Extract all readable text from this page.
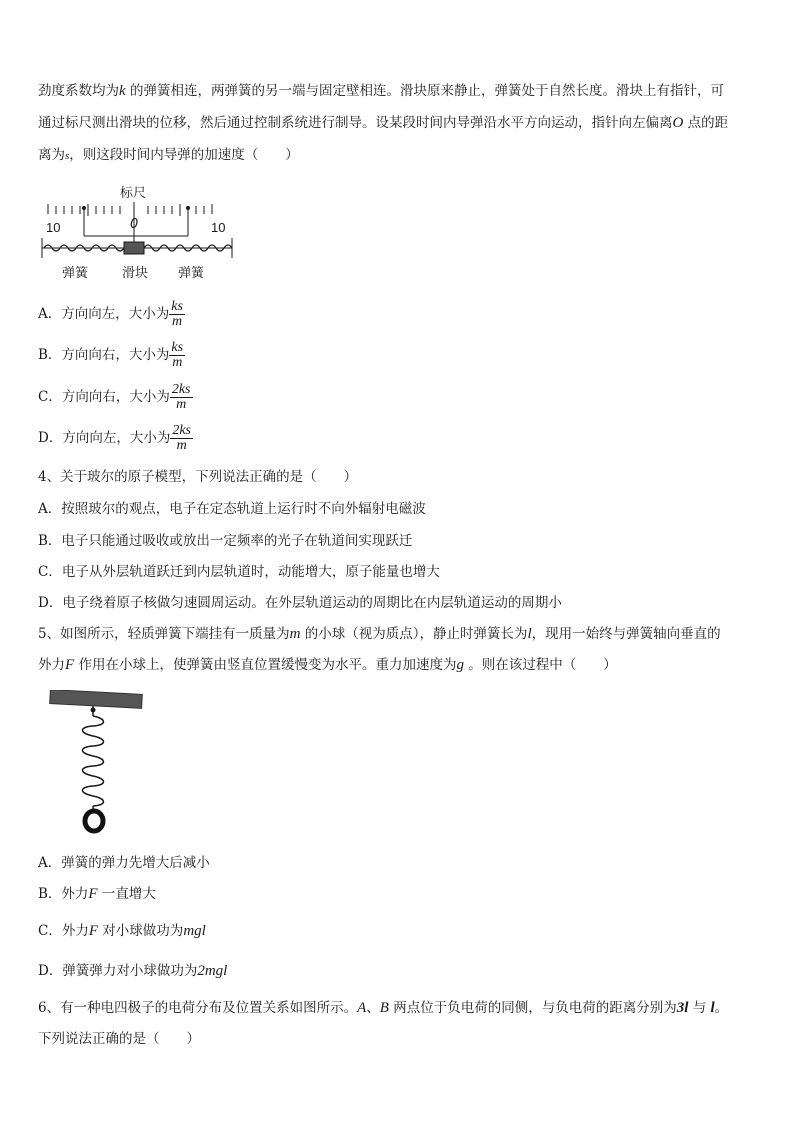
劲度系数均为k 的弹簧相连，两弹簧的另一端与固定壁相连。滑块原来静止，弹簧处于自然长度。滑块上有指针，可
通过标尺测出滑块的位移，然后通过控制系统进行制导。设某段时间内导弹沿水平方向运动，指针向左偏离O 点的距
离为s，则这段时间内导弹的加速度（　　）
标尺
10	0	10
弹簧	滑块 弹簧
A．方向向左，大小为 $\frac{ks}{m}$
B．方向向右，大小为 $\frac{ks}{m}$
C．方向向右，大小为 $\frac{2ks}{m}$
D．方向向左，大小为 $\frac{2ks}{m}$
4、关于玻尔的原子模型，下列说法正确的是（　　）
A．按照玻尔的观点，电子在定态轨道上运行时不向外辐射电磁波
B．电子只能通过吸收或放出一定频率的光子在轨道间实现跃迁
C．电子从外层轨道跃迁到内层轨道时，动能增大，原子能量也增大
D．电子绕着原子核做匀速圆周运动。在外层轨道运动的周期比在内层轨道运动的周期小
5、如图所示，轻质弹簧下端挂有一质量为m 的小球（视为质点），静止时弹簧长为l，现用一始终与弹簧轴向垂直的
外力F 作用在小球上，使弹簧由竖直位置缓慢变为水平。重力加速度为g 。则在该过程中（　　）
A．弹簧的弹力先增大后减小
B．外力F 一直增大
C．外力F 对小球做功为mgl
D．弹簧弹力对小球做功为2mgl
6、有一种电四极子的电荷分布及位置关系如图所示。A、B 两点位于负电荷的同侧，与负电荷的距离分别为3l 与 l。
下列说法正确的是（　　）
